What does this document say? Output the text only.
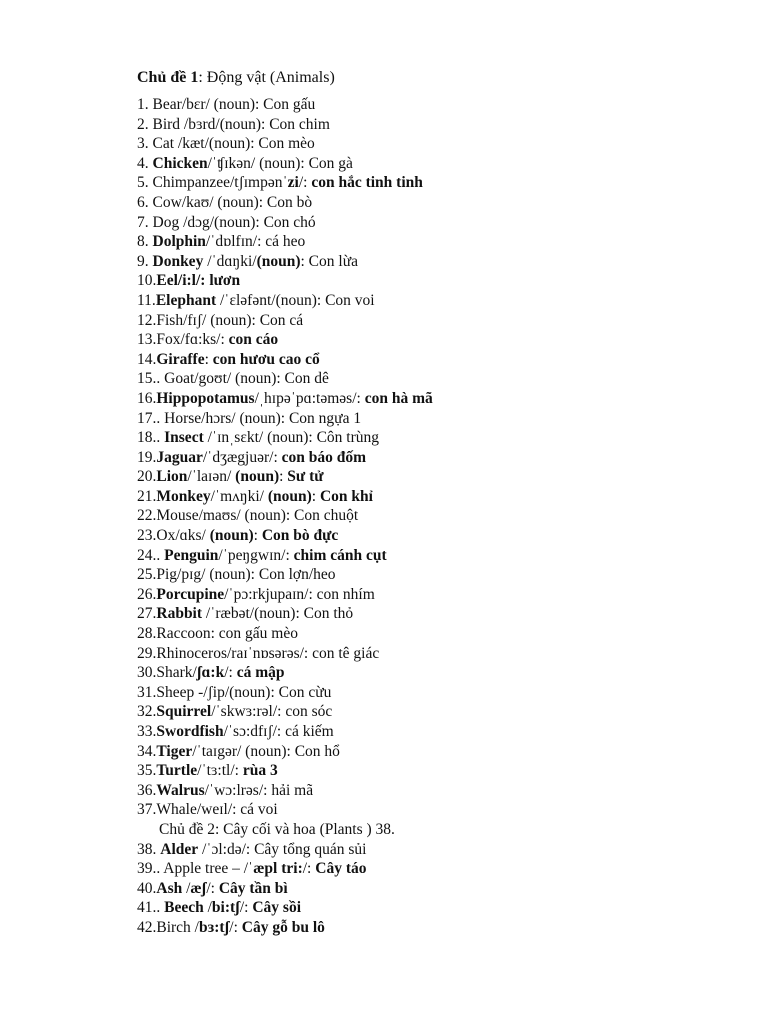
Chủ đề 1: Động vật (Animals)
1. Bear/bɛr/ (noun): Con gấu
2. Bird /bɜrd/(noun): Con chim
3. Cat /kæt/(noun): Con mèo
4. Chicken/ˈʧɪkən/ (noun): Con gà
5. Chimpanzee/tʃɪmpənˈzi/: con hắc tinh tinh
6. Cow/kaʊ/ (noun): Con bò
7. Dog /dɔg/(noun): Con chó
8. Dolphin/ˈdɒlfɪn/: cá heo
9. Donkey /ˈdɑŋki/(noun): Con lừa
10.Eel/i:l/: lươn
11.Elephant /ˈɛləfənt/(noun): Con voi
12.Fish/fɪʃ/ (noun): Con cá
13.Fox/fɑ:ks/: con cáo
14.Giraffe: con hươu cao cổ
15.. Goat/goʊt/ (noun): Con dê
16.Hippopotamus/ˌhɪpəˈpɑ:təməs/: con hà mã
17.. Horse/hɔrs/ (noun): Con ngựa 1
18.. Insect /ˈɪnˌsɛkt/ (noun): Côn trùng
19.Jaguar/ˈdʒægjuər/: con báo đốm
20.Lion/ˈlaɪən/ (noun): Sư tử
21.Monkey/ˈmʌŋki/ (noun): Con khỉ
22.Mouse/maʊs/ (noun): Con chuột
23.Ox/ɑks/ (noun): Con bò đực
24.. Penguin/ˈpeŋgwɪn/: chim cánh cụt
25.Pig/pɪg/ (noun): Con lợn/heo
26.Porcupine/ˈpɔ:rkjupaɪn/: con nhím
27.Rabbit /ˈræbət/(noun): Con thỏ
28.Raccoon: con gấu mèo
29.Rhinoceros/raɪˈnɒsərəs/: con tê giác
30.Shark/ʃɑ:k/: cá mập
31.Sheep -/ʃip/(noun): Con cừu
32.Squirrel/ˈskwɜ:rəl/: con sóc
33.Swordfish/ˈsɔ:dfɪʃ/: cá kiếm
34.Tiger/ˈtaɪgər/ (noun): Con hổ
35.Turtle/ˈtɜ:tl/: rùa 3
36.Walrus/ˈwɔ:lrəs/: hải mã
37.Whale/weɪl/: cá voi
Chủ đề 2: Cây cối và hoa (Plants ) 38.
38. Alder /ˈɔl:də/: Cây tổng quán sủi
39.. Apple tree – /ˈæpl tri:/: Cây táo
40.Ash /æʃ/: Cây tần bì
41.. Beech /bi:tʃ/: Cây sồi
42.Birch /bɜ:tʃ/: Cây gỗ bu lô
